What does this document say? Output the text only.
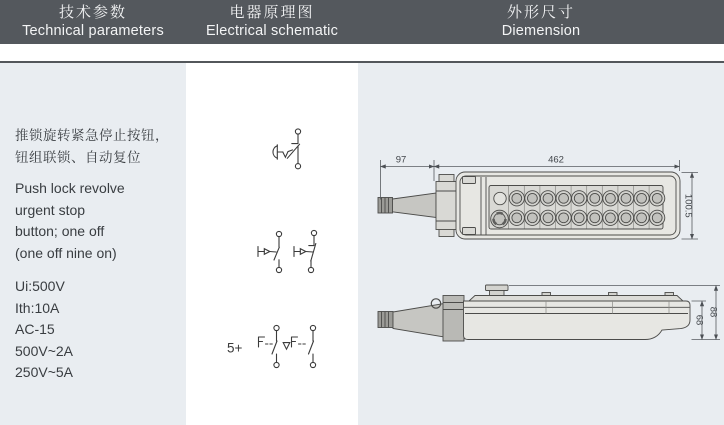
技术参数
Technical parameters
电器原理图
Electrical schematic
外形尺寸
Diemension
推锁旋转紧急停止按钮，
钮组联锁、自动复位
Push lock revolve
urgent stop
button; one off
(one off nine on)
Ui:500V
Ith:10A
AC-15
500V~2A
250V~5A
5+
97	462
100.5
68
88
